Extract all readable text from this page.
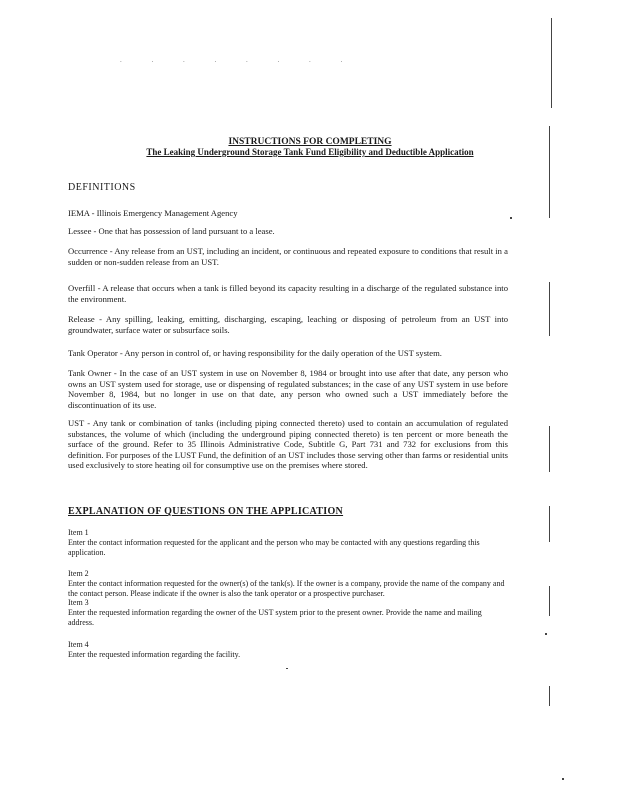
. . . . . . . .
INSTRUCTIONS FOR COMPLETING
The Leaking Underground Storage Tank Fund Eligibility and Deductible Application
DEFINITIONS
IEMA - Illinois Emergency Management Agency
Lessee - One that has possession of land pursuant to a lease.
Occurrence - Any release from an UST, including an incident, or continuous and repeated exposure to conditions that result in a sudden or non-sudden release from an UST.
Overfill - A release that occurs when a tank is filled beyond its capacity resulting in a discharge of the regulated substance into the environment.
Release - Any spilling, leaking, emitting, discharging, escaping, leaching or disposing of petroleum from an UST into groundwater, surface water or subsurface soils.
Tank Operator - Any person in control of, or having responsibility for the daily operation of the UST system.
Tank Owner - In the case of an UST system in use on November 8, 1984 or brought into use after that date, any person who owns an UST system used for storage, use or dispensing of regulated substances; in the case of any UST system in use before November 8, 1984, but no longer in use on that date, any person who owned such a UST immediately before the discontinuation of its use.
UST - Any tank or combination of tanks (including piping connected thereto) used to contain an accumulation of regulated substances, the volume of which (including the underground piping connected thereto) is ten percent or more beneath the surface of the ground. Refer to 35 Illinois Administrative Code, Subtitle G, Part 731 and 732 for exclusions from this definition. For purposes of the LUST Fund, the definition of an UST includes those serving other than farms or residential units used exclusively to store heating oil for consumptive use on the premises where stored.
EXPLANATION OF QUESTIONS ON THE APPLICATION
Item 1
Enter the contact information requested for the applicant and the person who may be contacted with any questions regarding this application.
Item 2
Enter the contact information requested for the owner(s) of the tank(s). If the owner is a company, provide the name of the company and the contact person. Please indicate if the owner is also the tank operator or a prospective purchaser.
Item 3
Enter the requested information regarding the owner of the UST system prior to the present owner. Provide the name and mailing address.
Item 4
Enter the requested information regarding the facility.
